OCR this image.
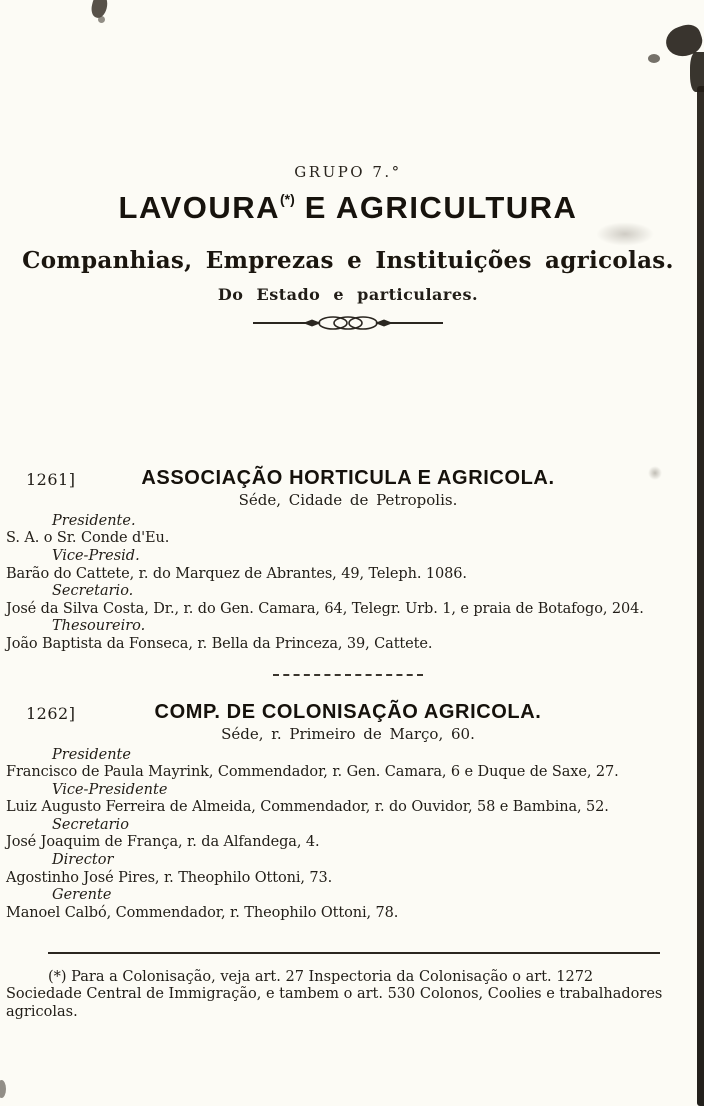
GRUPO 7.°
LAVOURA(*) E AGRICULTURA
Companhias, Emprezas e Instituições agricolas.
Do Estado e particulares.
1261]	ASSOCIAÇÃO HORTICULA E AGRICOLA.
Séde, Cidade de Petropolis.
Presidente.
S. A. o Sr. Conde d'Eu.
Vice-Presid.
Barão do Cattete, r. do Marquez de Abrantes, 49, Teleph. 1086.
Secretario.
José da Silva Costa, Dr., r. do Gen. Camara, 64, Telegr. Urb. 1, e praia de Botafogo, 204.
Thesoureiro.
João Baptista da Fonseca, r. Bella da Princeza, 39, Cattete.
1262]	COMP. DE COLONISAÇÃO AGRICOLA.
Séde, r. Primeiro de Março, 60.
Presidente
Francisco de Paula Mayrink, Commendador, r. Gen. Camara, 6 e Duque de Saxe, 27.
Vice-Presidente
Luiz Augusto Ferreira de Almeida, Commendador, r. do Ouvidor, 58 e Bambina, 52.
Secretario
José Joaquim de França, r. da Alfandega, 4.
Director
Agostinho José Pires, r. Theophilo Ottoni, 73.
Gerente
Manoel Calbó, Commendador, r. Theophilo Ottoni, 78.

(*) Para a Colonisação, veja art. 27 Inspectoria da Colonisação o art. 1272 Sociedade Central de Immigração, e tambem o art. 530 Colonos, Coolies e trabalhadores agricolas.
